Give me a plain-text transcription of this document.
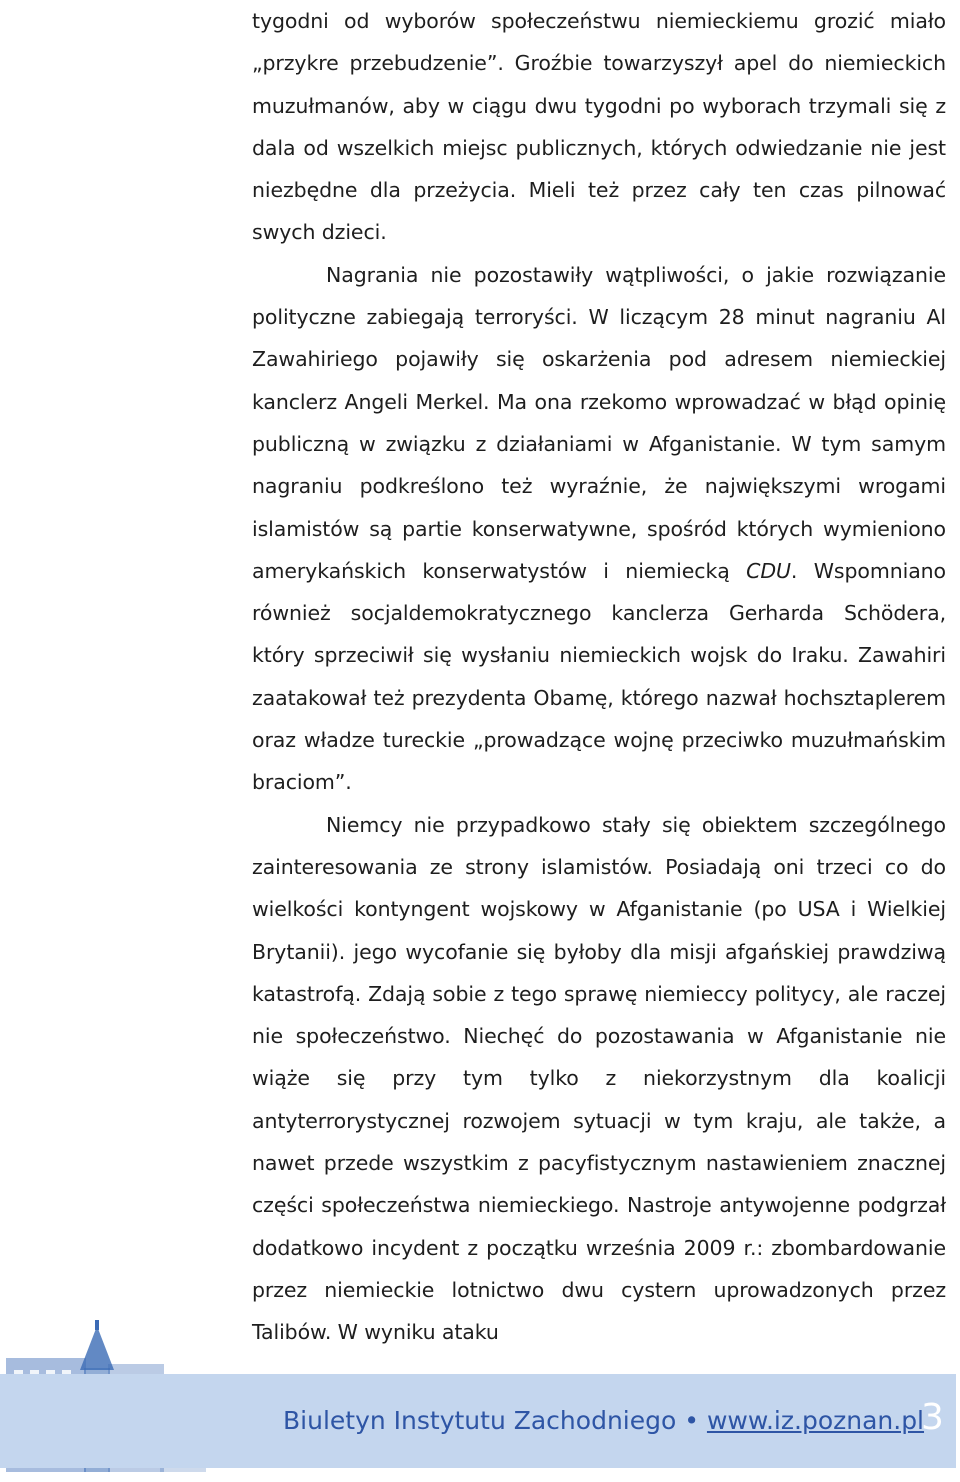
tygodni od wyborów społeczeństwu niemieckiemu grozić miało „przykre przebudzenie”. Groźbie towarzyszył apel do niemieckich muzułmanów, aby w ciągu dwu tygodni po wyborach trzymali się z dala od wszelkich miejsc publicznych, których odwiedzanie nie jest niezbędne dla przeżycia. Mieli też przez cały ten czas pilnować swych dzieci.

Nagrania nie pozostawiły wątpliwości, o jakie rozwiązanie polityczne zabiegają terroryści. W liczącym 28 minut nagraniu Al Zawahiriego pojawiły się oskarżenia pod adresem niemieckiej kanclerz Angeli Merkel. Ma ona rzekomo wprowadzać w błąd opinię publiczną w związku z działaniami w Afganistanie. W tym samym nagraniu podkreślono też wyraźnie, że największymi wrogami islamistów są partie konserwatywne, spośród których wymieniono amerykańskich konserwatystów i niemiecką CDU. Wspomniano również socjaldemokratycznego kanclerza Gerharda Schödera, który sprzeciwił się wysłaniu niemieckich wojsk do Iraku. Zawahiri zaatakował też prezydenta Obamę, którego nazwał hochsztaplerem oraz władze tureckie „prowadzące wojnę przeciwko muzułmańskim braciom”.

Niemcy nie przypadkowo stały się obiektem szczególnego zainteresowania ze strony islamistów. Posiadają oni trzeci co do wielkości kontyngent wojskowy w Afganistanie (po USA i Wielkiej Brytanii). jego wycofanie się byłoby dla misji afgańskiej prawdziwą katastrofą. Zdają sobie z tego sprawę niemieccy politycy, ale raczej nie społeczeństwo. Niechęć do pozostawania w Afganistanie nie wiąże się przy tym tylko z niekorzystnym dla koalicji antyterrorystycznej rozwojem sytuacji w tym kraju, ale także, a nawet przede wszystkim z pacyfistycznym nastawieniem znacznej części społeczeństwa niemieckiego. Nastroje antywojenne podgrzał dodatkowo incydent z początku września 2009 r.: zbombardowanie przez niemieckie lotnictwo dwu cystern uprowadzonych przez Talibów. W wyniku ataku

Biuletyn Instytutu Zachodniego • www.iz.poznan.pl
3
